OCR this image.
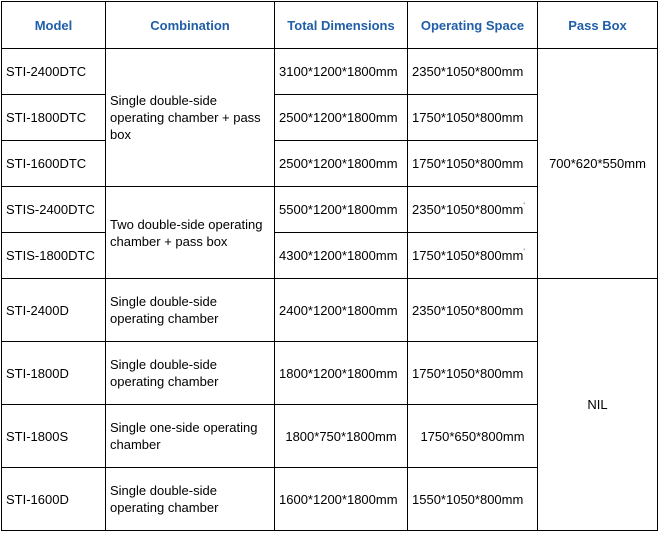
Model	Combination	Total Dimensions	Operating Space	Pass Box
STI-2400DTC	Single double-side operating chamber + pass box	3100*1200*1800mm	2350*1050*800mm	700*620*550mm
STI-1800DTC		2500*1200*1800mm	1750*1050*800mm	
STI-1600DTC		2500*1200*1800mm	1750*1050*800mm	
STIS-2400DTC	Two double-side operating chamber + pass box	5500*1200*1800mm	2350*1050*800mm'
STIS-1800DTC		4300*1200*1800mm	1750*1050*800mm'
STI-2400D	Single double-side operating chamber	2400*1200*1800mm	2350*1050*800mm	NIL
STI-1800D	Single double-side operating chamber	1800*1200*1800mm	1750*1050*800mm	
STI-1800S	Single one-side operating chamber	1800*750*1800mm	1750*650*800mm	
STI-1600D	Single double-side operating chamber	1600*1200*1800mm	1550*1050*800mm	
